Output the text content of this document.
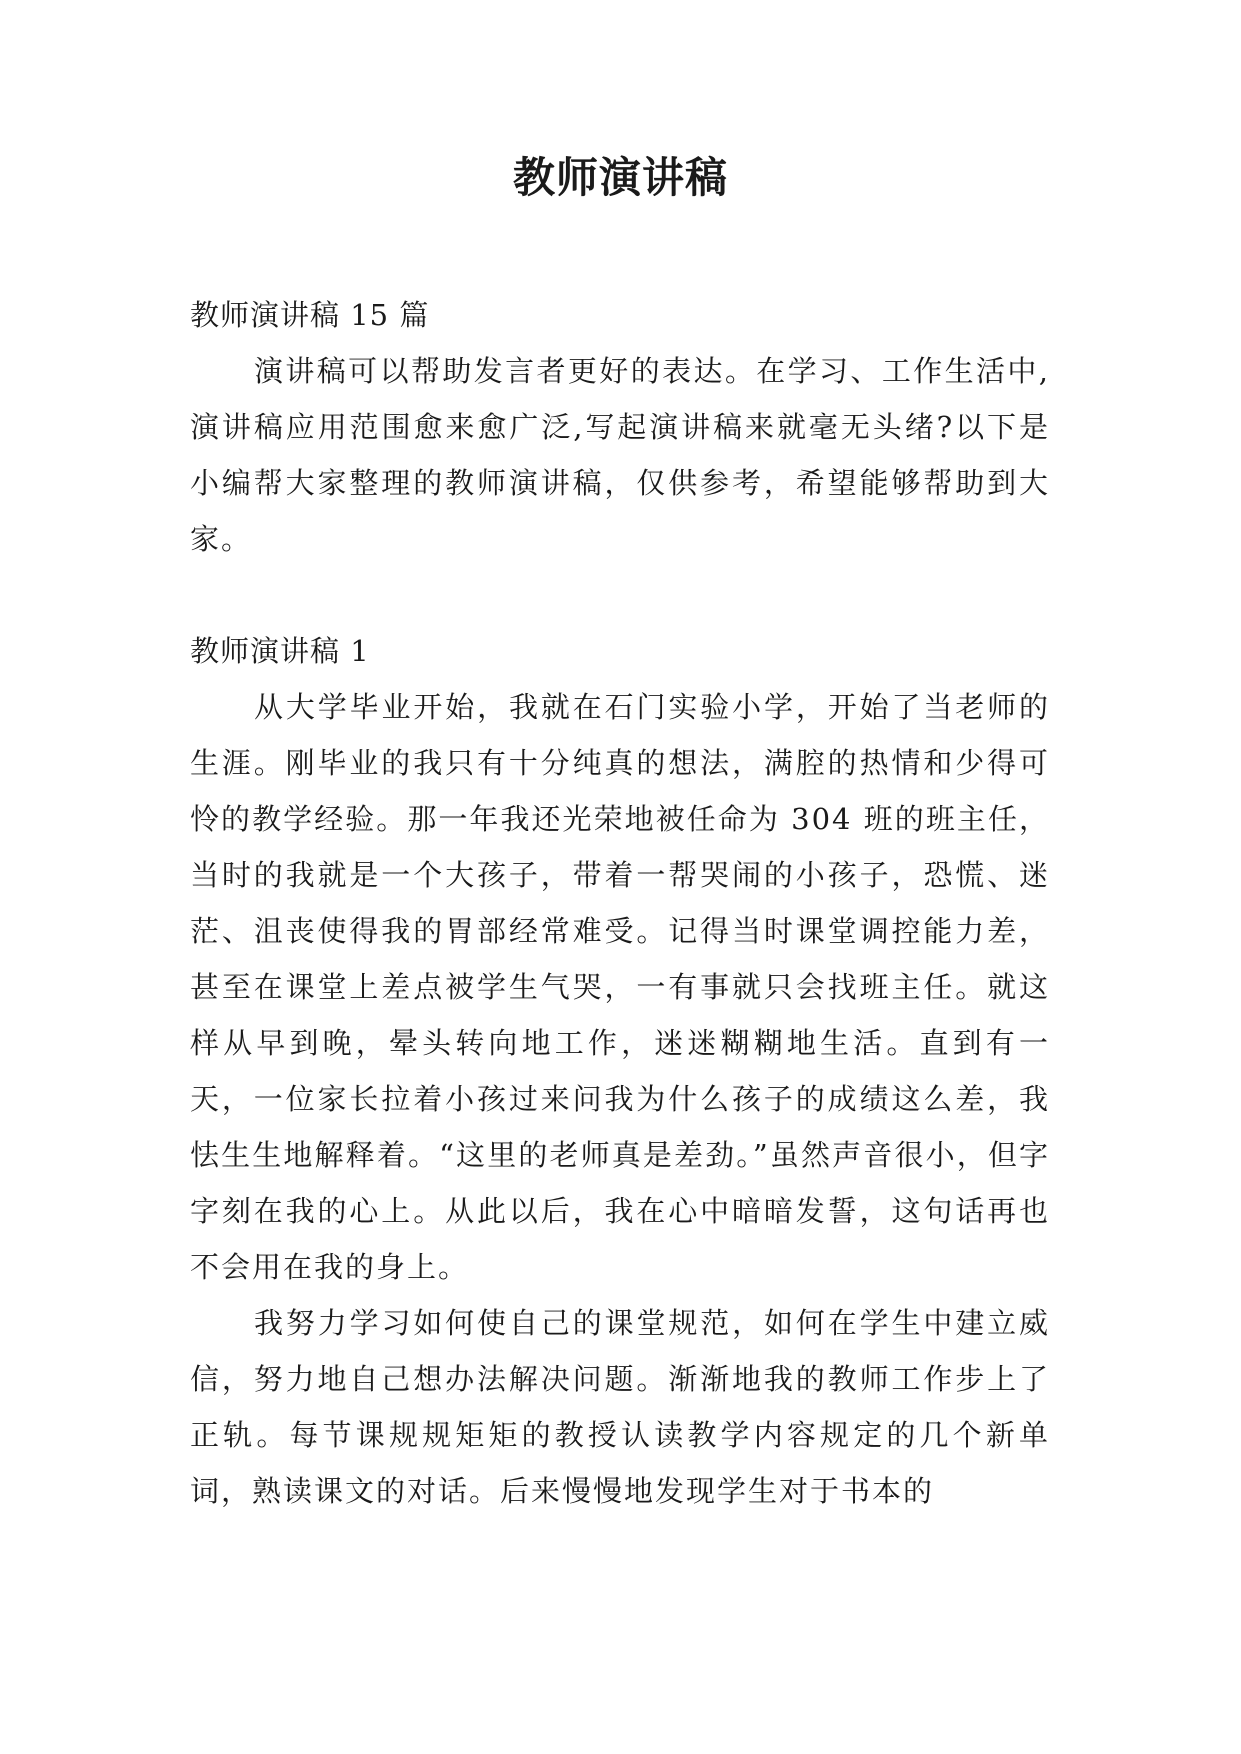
教师演讲稿

教师演讲稿 15 篇

演讲稿可以帮助发言者更好的表达。在学习、工作生活中,演讲稿应用范围愈来愈广泛,写起演讲稿来就毫无头绪?以下是小编帮大家整理的教师演讲稿，仅供参考，希望能够帮助到大家。

教师演讲稿 1

从大学毕业开始，我就在石门实验小学，开始了当老师的生涯。刚毕业的我只有十分纯真的想法，满腔的热情和少得可怜的教学经验。那一年我还光荣地被任命为 304 班的班主任，当时的我就是一个大孩子，带着一帮哭闹的小孩子，恐慌、迷茫、沮丧使得我的胃部经常难受。记得当时课堂调控能力差，甚至在课堂上差点被学生气哭，一有事就只会找班主任。就这样从早到晚，晕头转向地工作，迷迷糊糊地生活。直到有一天，一位家长拉着小孩过来问我为什么孩子的成绩这么差，我怯生生地解释着。“这里的老师真是差劲。”虽然声音很小，但字字刻在我的心上。从此以后，我在心中暗暗发誓，这句话再也不会用在我的身上。

我努力学习如何使自己的课堂规范，如何在学生中建立威信，努力地自己想办法解决问题。渐渐地我的教师工作步上了正轨。每节课规规矩矩的教授认读教学内容规定的几个新单词，熟读课文的对话。后来慢慢地发现学生对于书本的
